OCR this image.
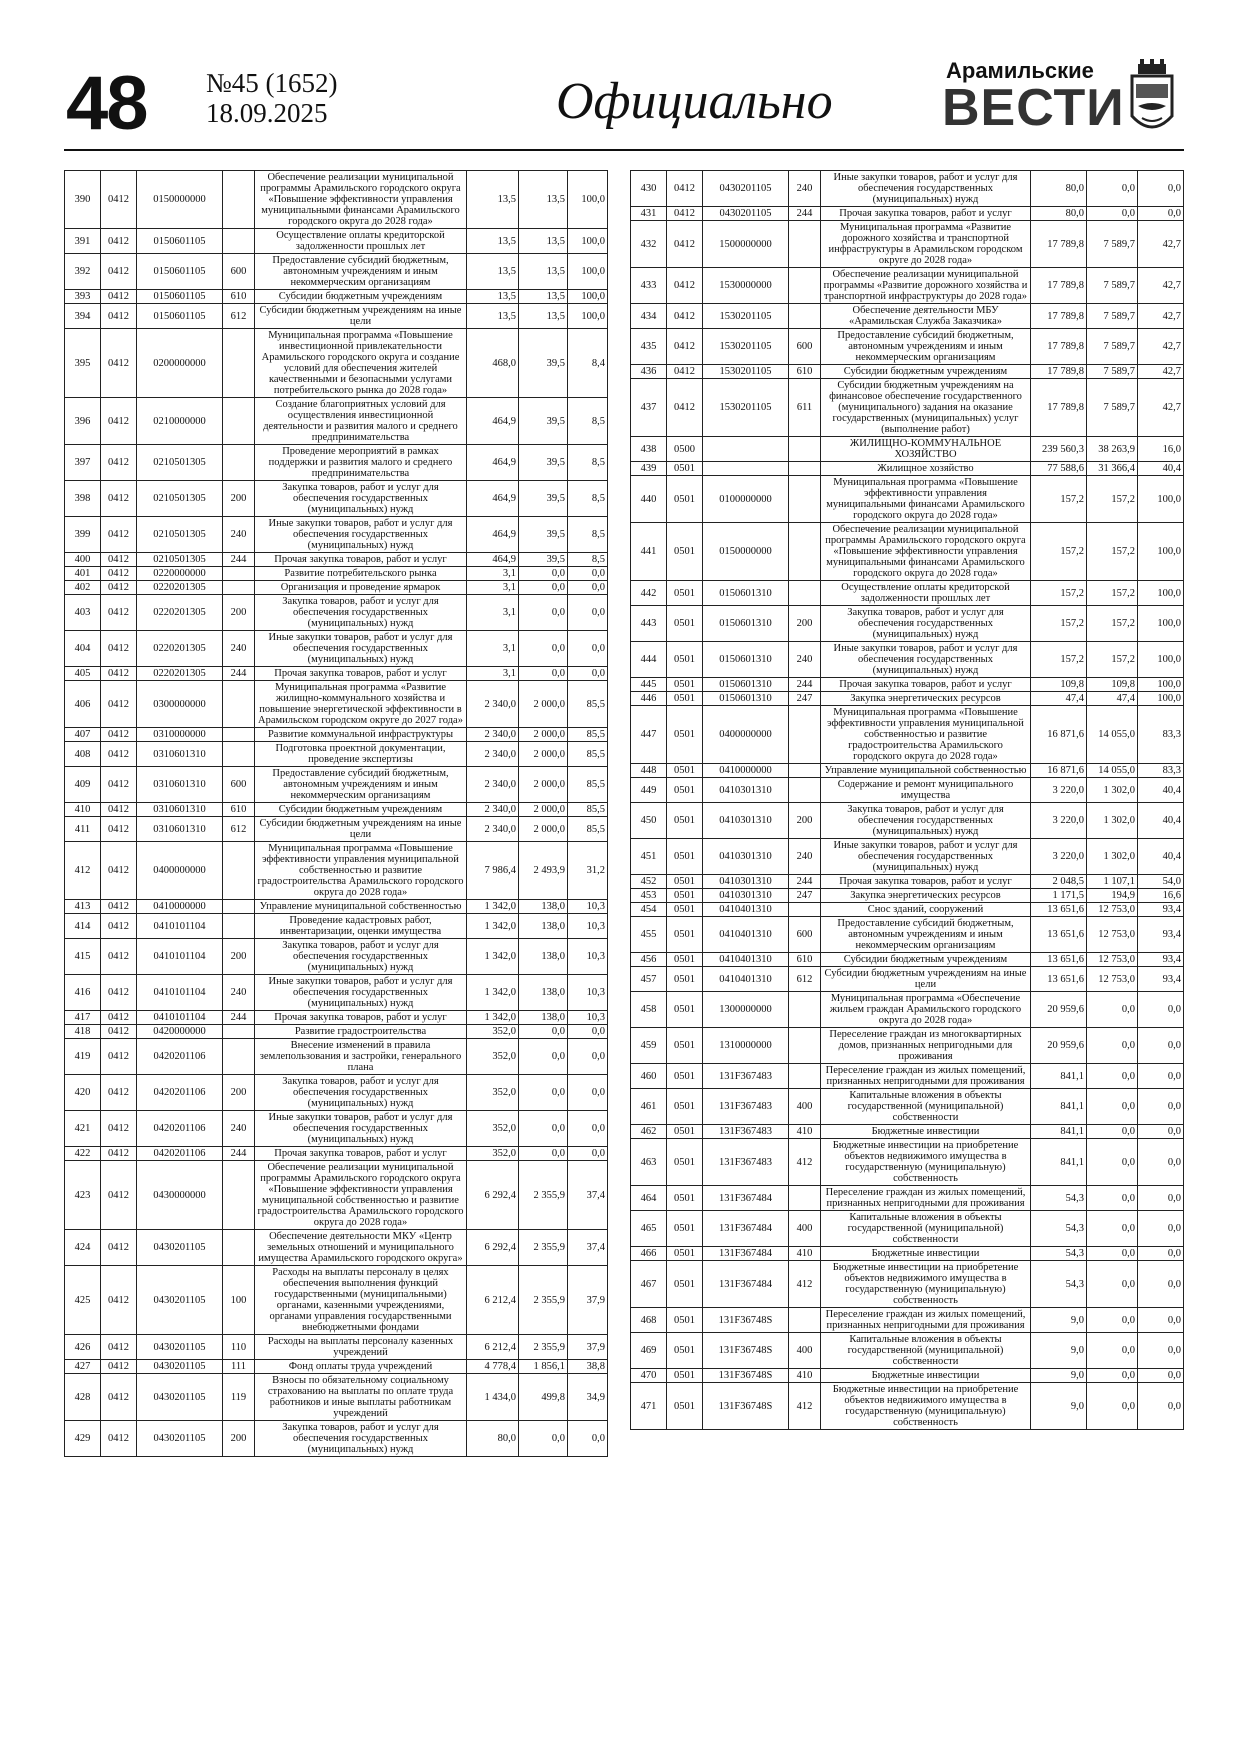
48 №45 (1652)
18.09.2025	Официально
Арамильские
ВЕСТИ
390	0412	0150000000		Обеспечение реализации муниципальной программы Арамильского городского округа «Повышение эффективности управления муниципальными финансами Арамильского городского округа до 2028 года»	13,5	13,5	100,0
391	0412	0150601105		Осуществление оплаты кредиторской задолженности прошлых лет	13,5	13,5	100,0
392	0412	0150601105	600	Предоставление субсидий бюджетным, автономным учреждениям и иным некоммерческим организациям	13,5	13,5	100,0
393	0412	0150601105	610	Субсидии бюджетным учреждениям	13,5	13,5	100,0
394	0412	0150601105	612	Субсидии бюджетным учреждениям на иные цели	13,5	13,5	100,0
395	0412	0200000000		Муниципальная программа «Повышение инвестиционной привлекательности Арамильского городского округа и создание условий для обеспечения жителей качественными и безопасными услугами потребительского рынка до 2028 года»	468,0	39,5	8,4
396	0412	0210000000		Создание благоприятных условий для осуществления инвестиционной деятельности и развития малого и среднего предпринимательства	464,9	39,5	8,5
397	0412	0210501305		Проведение мероприятий в рамках поддержки и развития малого и среднего предпринимательства	464,9	39,5	8,5
398	0412	0210501305	200	Закупка товаров, работ и услуг для обеспечения государственных (муниципальных) нужд	464,9	39,5	8,5
399	0412	0210501305	240	Иные закупки товаров, работ и услуг для обеспечения государственных (муниципальных) нужд	464,9	39,5	8,5
400	0412	0210501305	244	Прочая закупка товаров, работ и услуг	464,9	39,5	8,5
401	0412	0220000000		Развитие потребительского рынка	3,1	0,0	0,0
402	0412	0220201305		Организация и проведение ярмарок	3,1	0,0	0,0
403	0412	0220201305	200	Закупка товаров, работ и услуг для обеспечения государственных (муниципальных) нужд	3,1	0,0	0,0
404	0412	0220201305	240	Иные закупки товаров, работ и услуг для обеспечения государственных (муниципальных) нужд	3,1	0,0	0,0
405	0412	0220201305	244	Прочая закупка товаров, работ и услуг	3,1	0,0	0,0
406	0412	0300000000		Муниципальная программа «Развитие жилищно-коммунального хозяйства и повышение энергетической эффективности в Арамильском городском округе до 2027 года»	2 340,0	2 000,0	85,5
407	0412	0310000000		Развитие коммунальной инфраструктуры	2 340,0	2 000,0	85,5
408	0412	0310601310		Подготовка проектной документации, проведение экспертизы	2 340,0	2 000,0	85,5
409	0412	0310601310	600	Предоставление субсидий бюджетным, автономным учреждениям и иным некоммерческим организациям	2 340,0	2 000,0	85,5
410	0412	0310601310	610	Субсидии бюджетным учреждениям	2 340,0	2 000,0	85,5
411	0412	0310601310	612	Субсидии бюджетным учреждениям на иные цели	2 340,0	2 000,0	85,5
412	0412	0400000000		Муниципальная программа «Повышение эффективности управления муниципальной собственностью и развитие градостроительства Арамильского городского округа до 2028 года»	7 986,4	2 493,9	31,2
413	0412	0410000000		Управление муниципальной собственностью	1 342,0	138,0	10,3
414	0412	0410101104		Проведение кадастровых работ, инвентаризации, оценки имущества	1 342,0	138,0	10,3
415	0412	0410101104	200	Закупка товаров, работ и услуг для обеспечения государственных (муниципальных) нужд	1 342,0	138,0	10,3
416	0412	0410101104	240	Иные закупки товаров, работ и услуг для обеспечения государственных (муниципальных) нужд	1 342,0	138,0	10,3
417	0412	0410101104	244	Прочая закупка товаров, работ и услуг	1 342,0	138,0	10,3
418	0412	0420000000		Развитие градостроительства	352,0	0,0	0,0
419	0412	0420201106		Внесение изменений в правила землепользования и застройки, генерального плана	352,0	0,0	0,0
420	0412	0420201106	200	Закупка товаров, работ и услуг для обеспечения государственных (муниципальных) нужд	352,0	0,0	0,0
421	0412	0420201106	240	Иные закупки товаров, работ и услуг для обеспечения государственных (муниципальных) нужд	352,0	0,0	0,0
422	0412	0420201106	244	Прочая закупка товаров, работ и услуг	352,0	0,0	0,0
423	0412	0430000000		Обеспечение реализации муниципальной программы Арамильского городского округа «Повышение эффективности управления муниципальной собственностью и развитие градостроительства Арамильского городского округа до 2028 года»	6 292,4	2 355,9	37,4
424	0412	0430201105		Обеспечение деятельности МКУ «Центр земельных отношений и муниципального имущества Арамильского городского округа»	6 292,4	2 355,9	37,4
425	0412	0430201105	100	Расходы на выплаты персоналу в целях обеспечения выполнения функций государственными (муниципальными) органами, казенными учреждениями, органами управления государственными внебюджетными фондами	6 212,4	2 355,9	37,9
426	0412	0430201105	110	Расходы на выплаты персоналу казенных учреждений	6 212,4	2 355,9	37,9
427	0412	0430201105	111	Фонд оплаты труда учреждений	4 778,4	1 856,1	38,8
428	0412	0430201105	119	Взносы по обязательному социальному страхованию на выплаты по оплате труда работников и иные выплаты работникам учреждений	1 434,0	499,8	34,9
429	0412	0430201105	200	Закупка товаров, работ и услуг для обеспечения государственных (муниципальных) нужд	80,0	0,0	0,0
430	0412	0430201105	240	Иные закупки товаров, работ и услуг для обеспечения государственных (муниципальных) нужд	80,0	0,0	0,0
431	0412	0430201105	244	Прочая закупка товаров, работ и услуг	80,0	0,0	0,0
432	0412	1500000000		Муниципальная программа «Развитие дорожного хозяйства и транспортной инфраструктуры в Арамильском городском округе до 2028 года»	17 789,8	7 589,7	42,7
433	0412	1530000000		Обеспечение реализации муниципальной программы «Развитие дорожного хозяйства и транспортной инфраструктуры до 2028 года»	17 789,8	7 589,7	42,7
434	0412	1530201105		Обеспечение деятельности МБУ «Арамильская Служба Заказчика»	17 789,8	7 589,7	42,7
435	0412	1530201105	600	Предоставление субсидий бюджетным, автономным учреждениям и иным некоммерческим организациям	17 789,8	7 589,7	42,7
436	0412	1530201105	610	Субсидии бюджетным учреждениям	17 789,8	7 589,7	42,7
437	0412	1530201105	611	Субсидии бюджетным учреждениям на финансовое обеспечение государственного (муниципального) задания на оказание государственных (муниципальных) услуг (выполнение работ)	17 789,8	7 589,7	42,7
438	0500			ЖИЛИЩНО-КОММУНАЛЬНОЕ ХОЗЯЙСТВО	239 560,3	38 263,9	16,0
439	0501			Жилищное хозяйство	77 588,6	31 366,4	40,4
440	0501	0100000000		Муниципальная программа «Повышение эффективности управления муниципальными финансами Арамильского городского округа до 2028 года»	157,2	157,2	100,0
441	0501	0150000000		Обеспечение реализации муниципальной программы Арамильского городского округа «Повышение эффективности управления муниципальными финансами Арамильского городского округа до 2028 года»	157,2	157,2	100,0
442	0501	0150601310		Осуществление оплаты кредиторской задолженности прошлых лет	157,2	157,2	100,0
443	0501	0150601310	200	Закупка товаров, работ и услуг для обеспечения государственных (муниципальных) нужд	157,2	157,2	100,0
444	0501	0150601310	240	Иные закупки товаров, работ и услуг для обеспечения государственных (муниципальных) нужд	157,2	157,2	100,0
445	0501	0150601310	244	Прочая закупка товаров, работ и услуг	109,8	109,8	100,0
446	0501	0150601310	247	Закупка энергетических ресурсов	47,4	47,4	100,0
447	0501	0400000000		Муниципальная программа «Повышение эффективности управления муниципальной собственностью и развитие градостроительства Арамильского городского округа до 2028 года»	16 871,6	14 055,0	83,3
448	0501	0410000000		Управление муниципальной собственностью	16 871,6	14 055,0	83,3
449	0501	0410301310		Содержание и ремонт муниципального имущества	3 220,0	1 302,0	40,4
450	0501	0410301310	200	Закупка товаров, работ и услуг для обеспечения государственных (муниципальных) нужд	3 220,0	1 302,0	40,4
451	0501	0410301310	240	Иные закупки товаров, работ и услуг для обеспечения государственных (муниципальных) нужд	3 220,0	1 302,0	40,4
452	0501	0410301310	244	Прочая закупка товаров, работ и услуг	2 048,5	1 107,1	54,0
453	0501	0410301310	247	Закупка энергетических ресурсов	1 171,5	194,9	16,6
454	0501	0410401310		Снос зданий, сооружений	13 651,6	12 753,0	93,4
455	0501	0410401310	600	Предоставление субсидий бюджетным, автономным учреждениям и иным некоммерческим организациям	13 651,6	12 753,0	93,4
456	0501	0410401310	610	Субсидии бюджетным учреждениям	13 651,6	12 753,0	93,4
457	0501	0410401310	612	Субсидии бюджетным учреждениям на иные цели	13 651,6	12 753,0	93,4
458	0501	1300000000		Муниципальная программа «Обеспечение жильем граждан Арамильского городского округа до 2028 года»	20 959,6	0,0	0,0
459	0501	1310000000		Переселение граждан из многоквартирных домов, признанных непригодными для проживания	20 959,6	0,0	0,0
460	0501	131F367483		Переселение граждан из жилых помещений, признанных непригодными для проживания	841,1	0,0	0,0
461	0501	131F367483	400	Капитальные вложения в объекты государственной (муниципальной) собственности	841,1	0,0	0,0
462	0501	131F367483	410	Бюджетные инвестиции	841,1	0,0	0,0
463	0501	131F367483	412	Бюджетные инвестиции на приобретение объектов недвижимого имущества в государственную (муниципальную) собственность	841,1	0,0	0,0
464	0501	131F367484		Переселение граждан из жилых помещений, признанных непригодными для проживания	54,3	0,0	0,0
465	0501	131F367484	400	Капитальные вложения в объекты государственной (муниципальной) собственности	54,3	0,0	0,0
466	0501	131F367484	410	Бюджетные инвестиции	54,3	0,0	0,0
467	0501	131F367484	412	Бюджетные инвестиции на приобретение объектов недвижимого имущества в государственную (муниципальную) собственность	54,3	0,0	0,0
468	0501	131F36748S		Переселение граждан из жилых помещений, признанных непригодными для проживания	9,0	0,0	0,0
469	0501	131F36748S	400	Капитальные вложения в объекты государственной (муниципальной) собственности	9,0	0,0	0,0
470	0501	131F36748S	410	Бюджетные инвестиции	9,0	0,0	0,0
471	0501	131F36748S	412	Бюджетные инвестиции на приобретение объектов недвижимого имущества в государственную (муниципальную) собственность	9,0	0,0	0,0
